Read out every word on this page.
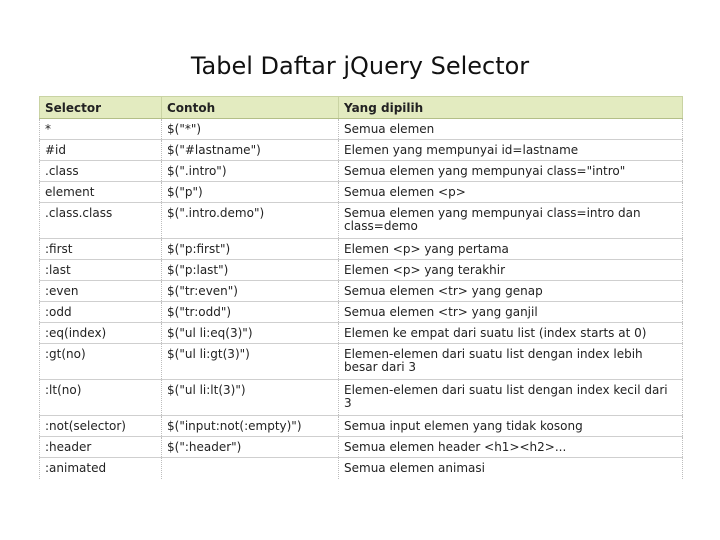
Tabel Daftar jQuery Selector
Selector	Contoh	Yang dipilih
*	$("*")	Semua elemen
#id	$("#lastname")	Elemen yang mempunyai id=lastname
.class	$(".intro")	Semua elemen yang mempunyai class="intro"
element	$("p")	Semua elemen <p>
.class.class	$(".intro.demo")	Semua elemen yang mempunyai class=intro dan class=demo
:first	$("p:first")	Elemen <p> yang pertama
:last	$("p:last")	Elemen <p> yang terakhir
:even	$("tr:even")	Semua elemen <tr> yang genap
:odd	$("tr:odd")	Semua elemen <tr> yang ganjil
:eq(index)	$("ul li:eq(3)")	Elemen ke empat dari suatu list (index starts at 0)
:gt(no)	$("ul li:gt(3)")	Elemen-elemen dari suatu list dengan index lebih besar dari 3
:lt(no)	$("ul li:lt(3)")	Elemen-elemen dari suatu list dengan index kecil dari 3
:not(selector)	$("input:not(:empty)")	Semua input elemen yang tidak kosong
:header	$(":header")	Semua elemen header <h1><h2>...
:animated		Semua elemen animasi
